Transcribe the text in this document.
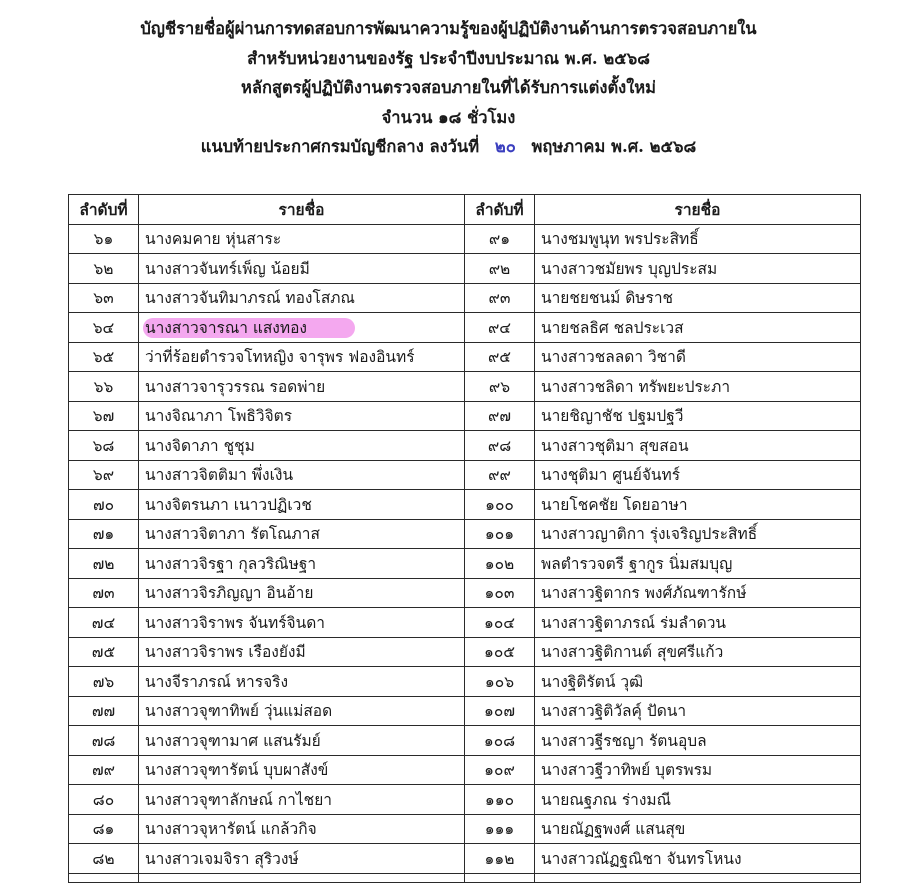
บัญชีรายชื่อผู้ผ่านการทดสอบการพัฒนาความรู้ของผู้ปฏิบัติงานด้านการตรวจสอบภายใน
สำหรับหน่วยงานของรัฐ ประจำปีงบประมาณ พ.ศ. ๒๕๖๘
หลักสูตรผู้ปฏิบัติงานตรวจสอบภายในที่ได้รับการแต่งตั้งใหม่
จำนวน ๑๘ ชั่วโมง
แนบท้ายประกาศกรมบัญชีกลาง ลงวันที่ ๒๐ พฤษภาคม พ.ศ. ๒๕๖๘
ลำดับที่	รายชื่อ	ลำดับที่	รายชื่อ
๖๑	นางคมคาย หุ่นสาระ	๙๑	นางชมพูนุท พรประสิทธิ์
๖๒	นางสาวจันทร์เพ็ญ น้อยมี	๙๒	นางสาวชมัยพร บุญประสม
๖๓	นางสาวจันทิมาภรณ์ ทองโสภณ	๙๓	นายชยชนม์ ดิษราช
๖๔	นางสาวจารณา แสงทอง	๙๔	นายชลธิศ ชลประเวส
๖๕	ว่าที่ร้อยตำรวจโทหญิง จารุพร ฟองอินทร์	๙๕	นางสาวชลลดา วิชาดี
๖๖	นางสาวจารุวรรณ รอดพ่าย	๙๖	นางสาวชลิดา ทรัพยะประภา
๖๗	นางจิณาภา โพธิวิจิตร	๙๗	นายชิญาชัช ปฐมปฐวี
๖๘	นางจิดาภา ชูชุม	๙๘	นางสาวชุติมา สุขสอน
๖๙	นางสาวจิตติมา พึ่งเงิน	๙๙	นางชุติมา ศูนย์จันทร์
๗๐	นางจิตรนภา เนาวปฏิเวช	๑๐๐	นายโชคชัย โดยอาษา
๗๑	นางสาวจิตาภา รัตโณภาส	๑๐๑	นางสาวญาติกา รุ่งเจริญประสิทธิ์
๗๒	นางสาวจิรฐา กุลวริณิษฐา	๑๐๒	พลตำรวจตรี ฐากูร นิ่มสมบุญ
๗๓	นางสาวจิรภิญญา อินอ้าย	๑๐๓	นางสาวฐิตากร พงศ์ภัณฑารักษ์
๗๔	นางสาวจิราพร จันทร์จินดา	๑๐๔	นางสาวฐิตาภรณ์ ร่มลำดวน
๗๕	นางสาวจิราพร เรืองยังมี	๑๐๕	นางสาวฐิติกานต์ สุขศรีแก้ว
๗๖	นางจีราภรณ์ หารจริง	๑๐๖	นางฐิติรัตน์ วุฒิ
๗๗	นางสาวจุฑาทิพย์ วุ่นแม่สอด	๑๐๗	นางสาวฐิติวัลคุ์ ปัดนา
๗๘	นางสาวจุฑามาศ แสนรัมย์	๑๐๘	นางสาวฐีรชญา รัตนอุบล
๗๙	นางสาวจุฑารัตน์ บุบผาสังข์	๑๐๙	นางสาวฐีวาทิพย์ บุตรพรม
๘๐	นางสาวจุฑาลักษณ์ กาไชยา	๑๑๐	นายณฐภณ ร่างมณี
๘๑	นางสาวจุหารัตน์ แกล้วกิจ	๑๑๑	นายณัฏฐพงศ์ แสนสุข
๘๒	นางสาวเจมจิรา สุริวงษ์	๑๑๒	นางสาวณัฏฐณิชา จันทรโหนง
